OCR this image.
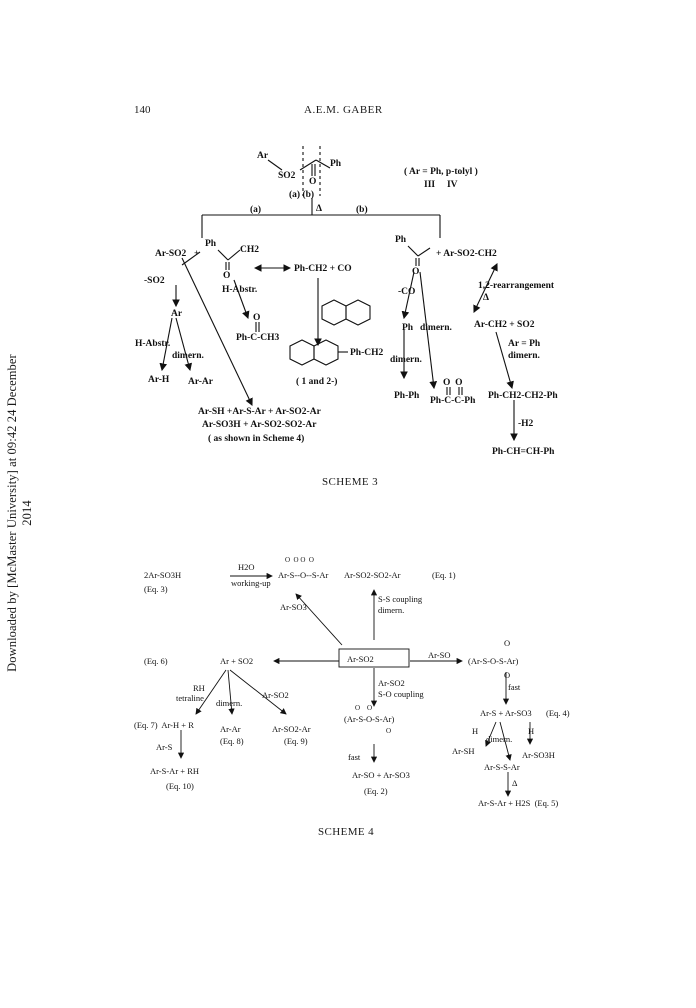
Downloaded by [McMaster University] at 09:42 24 December 2014
140	A.E.M. GABER
Ar
SO2
Ph
O
(a) (b)
( Ar = Ph, p-tolyl )
III     IV
(a)	Δ	(b)
Ar-SO2 +
Ph
CH2
O
Ph-CH2 + CO
-SO2
Ar
H-Abstr.
O
Ph-C-CH3
H-Abstr.
dimern.
Ar-H Ar-Ar
Ph-CH2
( 1 and 2-)
Ar-SH +Ar-S-Ar + Ar-SO2-Ar
Ar-SO3H + Ar-SO2-SO2-Ar
( as shown in Scheme 4)
Ph
O
+ Ar-SO2-CH2
-CO
1,2-rearrangement
Δ
Ph dimern. Ar-CH2 + SO2
Ar = Ph
dimern.
dimern.
Ph-Ph
O  O
Ph-C-C-Ph Ph-CH2-CH2-Ph
-H2
Ph-CH=CH-Ph
2Ar-SO3H
H2O
working-up
O  O O  O
Ar-S--O--S-Ar
(Eq. 3)
Ar-SO3
Ar-SO2-SO2-Ar	(Eq. 1)
S-S coupling
dimern.
(Eq. 6)	Ar + SO2	Ar-SO2	Ar-SO
O
(Ar-S-O-S-Ar)
O
RH
tetraline dimern.
Ar-SO2
Ar-SO2
S-O coupling
fast
(Eq. 7)  Ar-H + R	Ar-Ar
(Eq. 8)
Ar-SO2-Ar
(Eq. 9)
O    O
(Ar-S-O-S-Ar)
O
Ar-S + Ar-SO3 (Eq. 4)
H	H
dimern.
Ar-SH	Ar-SO3H
Ar-S
fast
Ar-S-S-Ar
Δ
Ar-S-Ar + RH
(Eq. 10)
Ar-SO + Ar-SO3
(Eq. 2)
Ar-S-Ar + H2S  (Eq. 5)
SCHEME 3
SCHEME 4
